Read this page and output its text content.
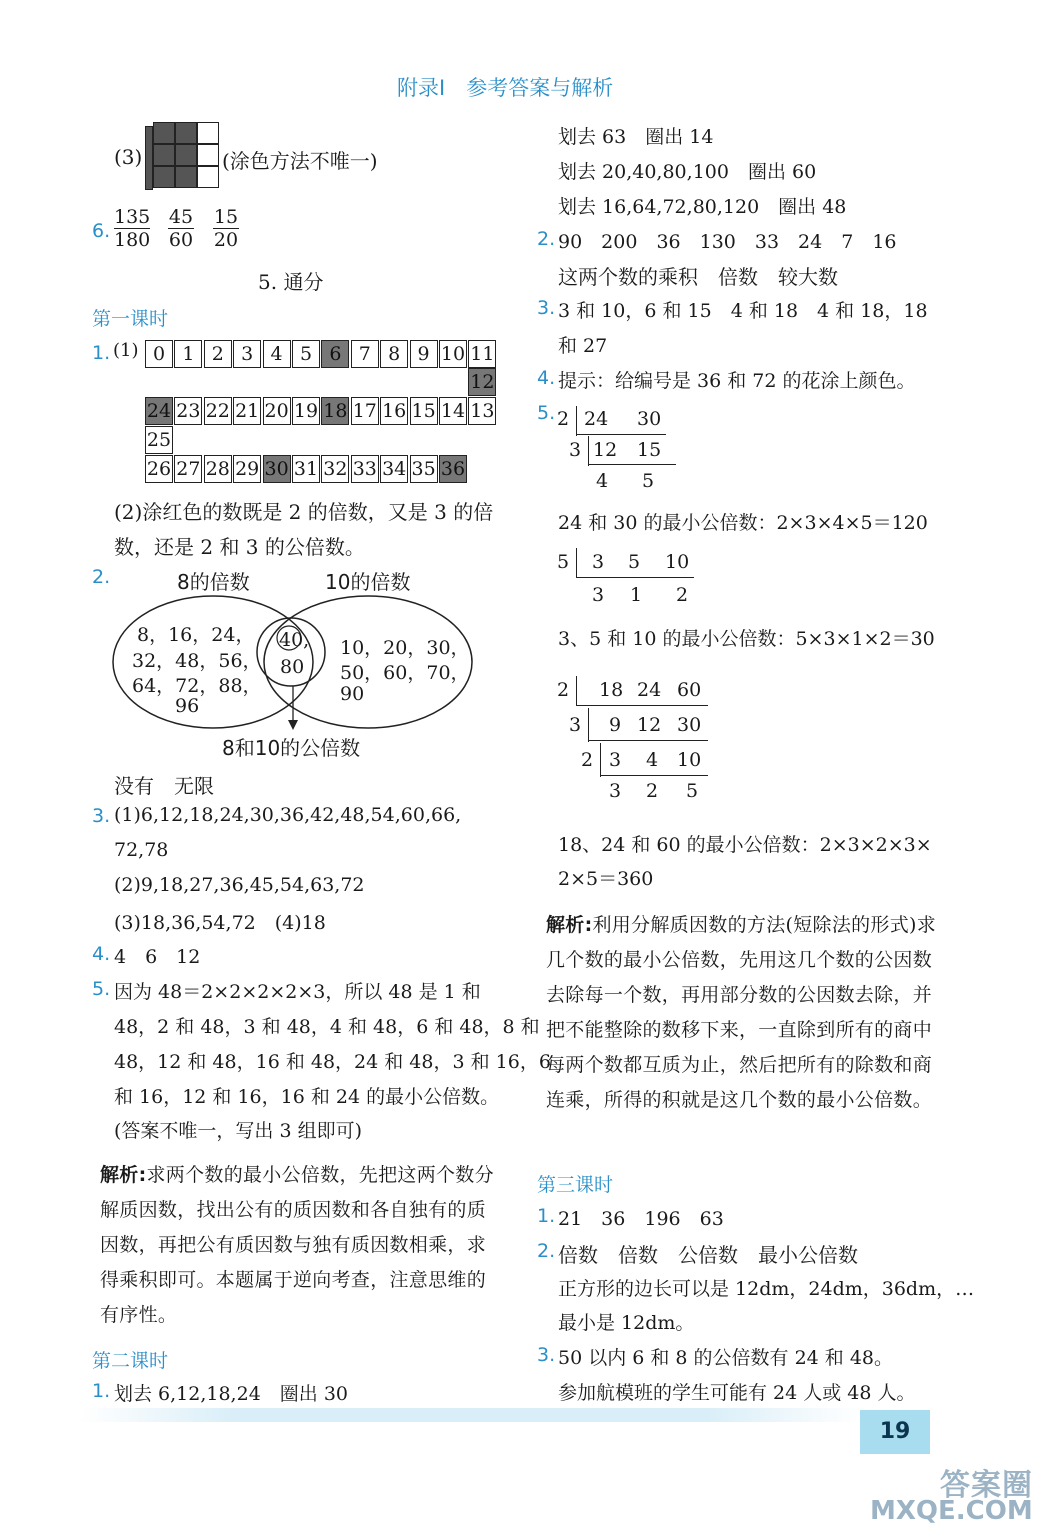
附录Ⅰ　参考答案与解析
(3)	(涂色方法不唯一)
6. $\frac{135}{180} \frac{45}{60} \frac{15}{20}$
5. 通分
第一课时
1. (1) 0 1 2 3 4 5 6 7 8 9 10 11
12
24 23 22 21 20 19 18 17 16 15 14 13
25
26 27 28 29 30 31 32 33 34 35 36
(2)涂红色的数既是 2 的倍数，又是 3 的倍
数，还是 2 和 3 的公倍数。
2.	8的倍数	10的倍数
8，16，24，
32，48，56，
64，72，88，
96
40,
80
10，20，30，
50，60，70，
90
8和10的公倍数
没有　无限
3. (1)6,12,18,24,30,36,42,48,54,60,66,
72,78
(2)9,18,27,36,45,54,63,72
(3)18,36,54,72　(4)18
4. 4　6　12
5. 因为 48＝2×2×2×2×3，所以 48 是 1 和
48，2 和 48，3 和 48，4 和 48，6 和 48，8 和
48，12 和 48，16 和 48，24 和 48，3 和 16，6
和 16，12 和 16，16 和 24 的最小公倍数。
(答案不唯一，写出 3 组即可)
解析:求两个数的最小公倍数，先把这两个数分解质因数，找出公有的质因数和各自独有的质因数，再把公有质因数与独有质因数相乘，求得乘积即可。本题属于逆向考查，注意思维的有序性。
第二课时
1. 划去 6,12,18,24　圈出 30
划去 63　圈出 14
划去 20,40,80,100　圈出 60
划去 16,64,72,80,120　圈出 48
2. 90　200　36　130　33　24　7　16
这两个数的乘积　倍数　较大数
3. 3 和 10，6 和 15　4 和 18　4 和 18，18
和 27
4. 提示：给编号是 36 和 72 的花涂上颜色。
5. 2 24 30
3 12 15
4 5
24 和 30 的最小公倍数：2×3×4×5＝120
5 3 5 10
3 1 2
3、5 和 10 的最小公倍数：5×3×1×2＝30
2 18 24 60
3 9 12 30
2 3 4 10
3 2 5
18、24 和 60 的最小公倍数：2×3×2×3×
2×5＝360
解析:利用分解质因数的方法(短除法的形式)求几个数的最小公倍数，先用这几个数的公因数去除每一个数，再用部分数的公因数去除，并把不能整除的数移下来，一直除到所有的商中每两个数都互质为止，然后把所有的除数和商连乘，所得的积就是这几个数的最小公倍数。
第三课时
1. 21　36　196　63
2. 倍数　倍数　公倍数　最小公倍数
正方形的边长可以是 12dm，24dm，36dm，…
最小是 12dm。
3. 50 以内 6 和 8 的公倍数有 24 和 48。
参加航模班的学生可能有 24 人或 48 人。
19
答案圈
MXQE.COM
